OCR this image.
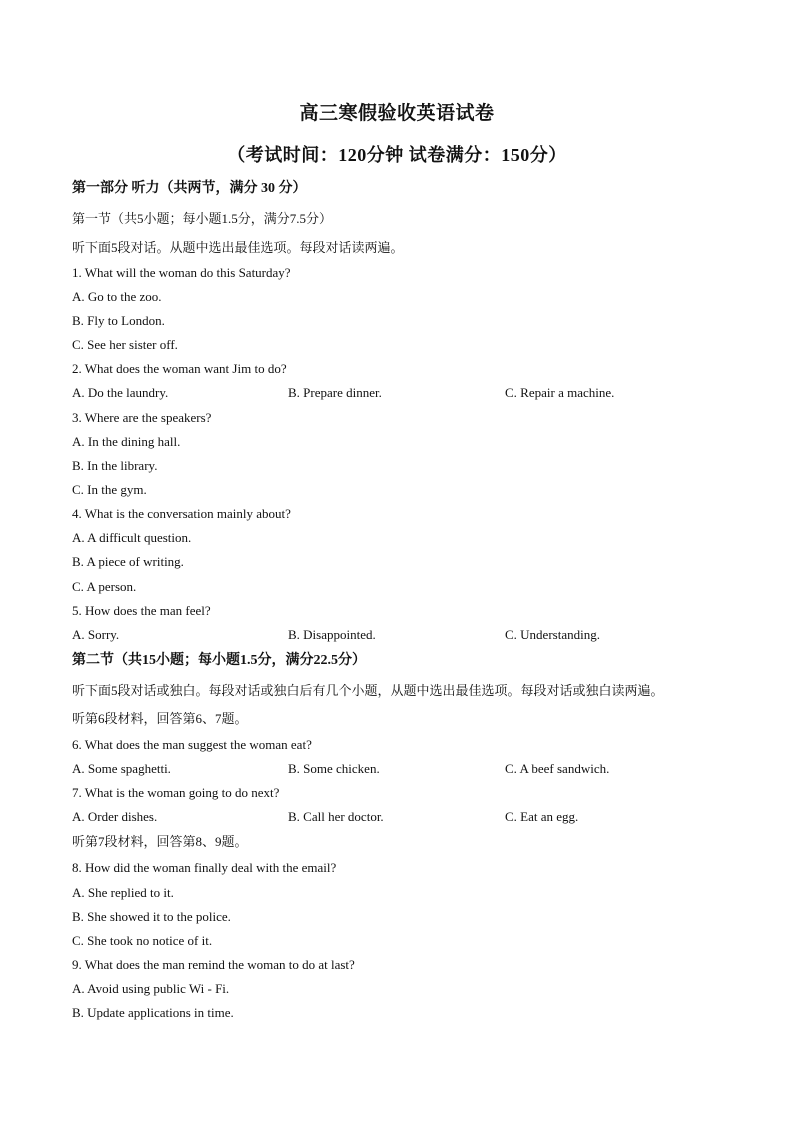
高三寒假验收英语试卷
（考试时间：120分钟 试卷满分：150分）
第一部分 听力（共两节，满分 30 分）
第一节（共5小题；每小题1.5分，满分7.5分）
听下面5段对话。从题中选出最佳选项。每段对话读两遍。
1. What will the woman do this Saturday?
A. Go to the zoo.
B. Fly to London.
C. See her sister off.
2. What does the woman want Jim to do?
A. Do the laundry.	B. Prepare dinner.	C. Repair a machine.
3. Where are the speakers?
A. In the dining hall.
B. In the library.
C. In the gym.
4. What is the conversation mainly about?
A. A difficult question.
B. A piece of writing.
C. A person.
5. How does the man feel?
A. Sorry.	B. Disappointed.	C. Understanding.
第二节（共15小题；每小题1.5分，满分22.5分）
听下面5段对话或独白。每段对话或独白后有几个小题，从题中选出最佳选项。每段对话或独白读两遍。
听第6段材料，回答第6、7题。
6. What does the man suggest the woman eat?
A. Some spaghetti.	B. Some chicken.	C. A beef sandwich.
7. What is the woman going to do next?
A. Order dishes.	B. Call her doctor.	C. Eat an egg.
听第7段材料，回答第8、9题。
8. How did the woman finally deal with the email?
A. She replied to it.
B. She showed it to the police.
C. She took no notice of it.
9. What does the man remind the woman to do at last?
A. Avoid using public Wi - Fi.
B. Update applications in time.
